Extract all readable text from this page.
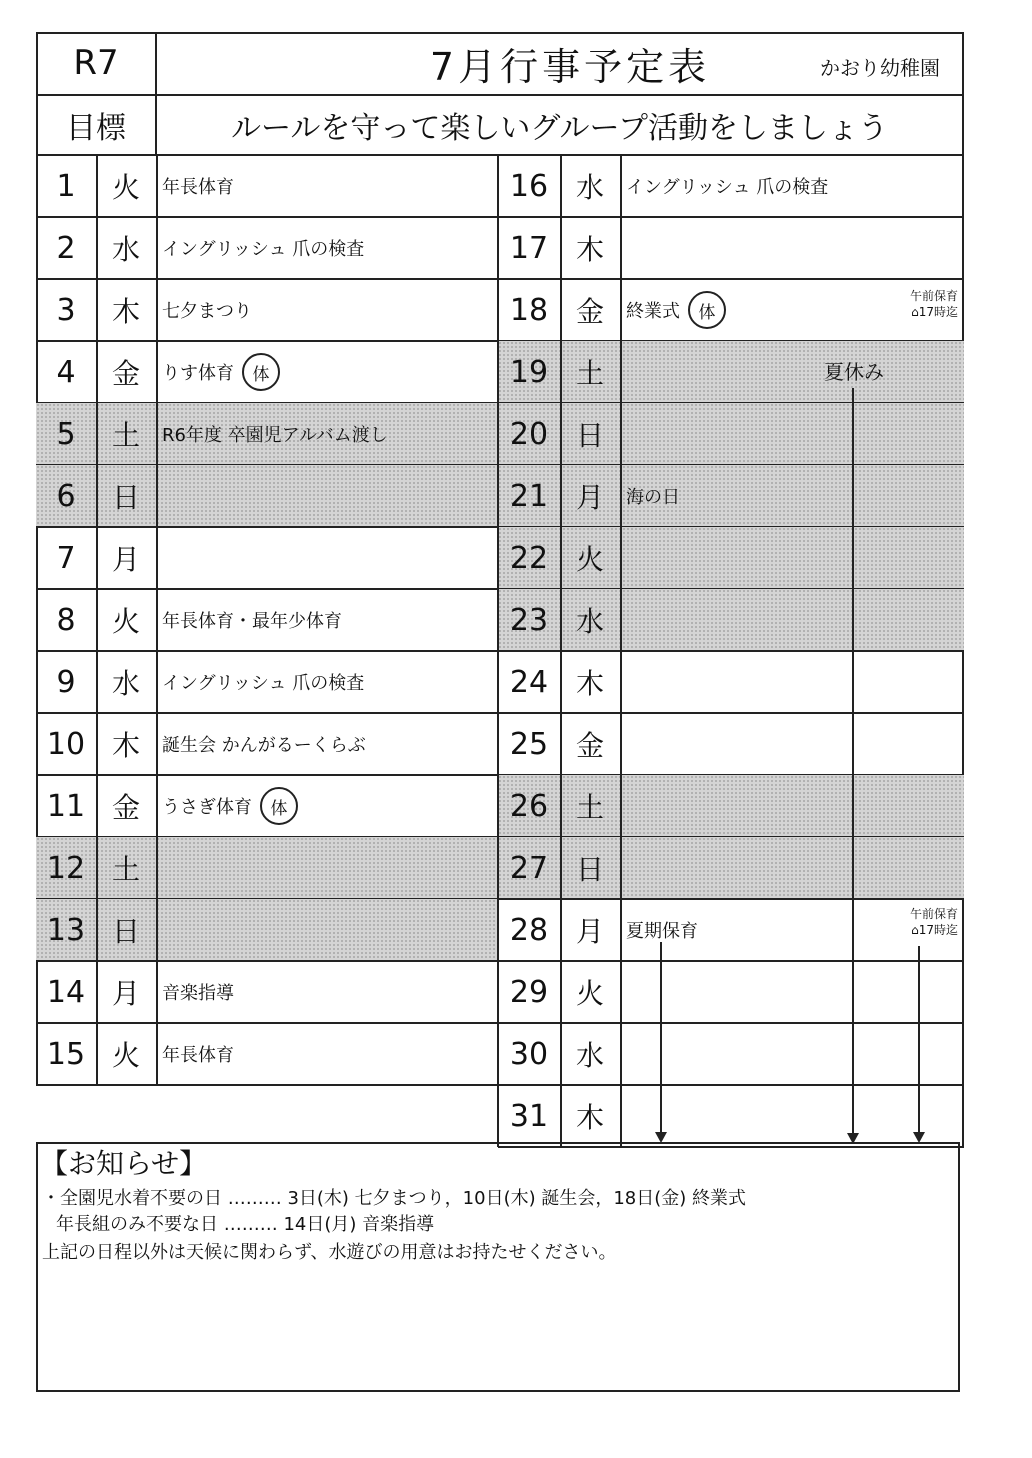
R7	7月行事予定表	かおり幼稚園
目標	ルールを守って楽しいグループ活動をしましょう
1	火	年長体育
2	水	イングリッシュ 爪の検査
3	木	七夕まつり
4	金	りす体育	体
5	土	R6年度 卒園児アルバム渡し
6	日
7	月
8	火	年長体育・最年少体育
9	水	イングリッシュ 爪の検査
10 木	誕生会 かんがるーくらぶ
11 金	うさぎ体育	体
12 土
13 日
14 月	音楽指導
15 火	年長体育
16 水	イングリッシュ 爪の検査
17 木
18 金	終業式	体
19 土
20 日
21 月	海の日
22 火
23 水
24 木
25 金
26 土
27 日
28 月	夏期保育
29 火
30 水
31 木
夏休み
午前保育
⌂17時迄
午前保育
⌂17時迄
【お知らせ】
・全園児水着不要の日 ……… 3日(木) 七夕まつり，10日(木) 誕生会，18日(金) 終業式
年長組のみ不要な日 ……… 14日(月) 音楽指導
上記の日程以外は天候に関わらず、水遊びの用意はお持たせください。
